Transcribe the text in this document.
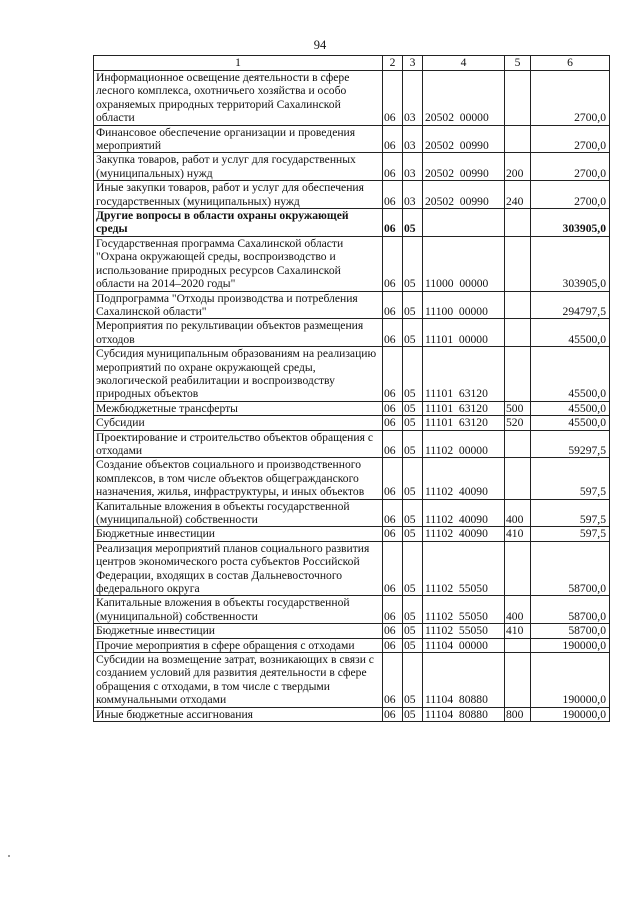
94
1	2	3	4	5	6
Информационное освещение деятельности в сфере лесного комплекса, охотничьего хозяйства и особо охраняемых природных территорий Сахалинской области	06	03	20502  00000		2700,0
Финансовое обеспечение организации и проведения мероприятий	06	03	20502  00990		2700,0
Закупка товаров, работ и услуг для государственных (муниципальных) нужд	06	03	20502  00990	200	2700,0
Иные закупки товаров, работ и услуг для обеспечения государственных (муниципальных) нужд	06	03	20502  00990	240	2700,0
Другие вопросы в области охраны окружающей среды	06	05			303905,0
Государственная программа Сахалинской области "Охрана окружающей среды, воспроизводство и использование природных ресурсов Сахалинской области на 2014–2020 годы"	06	05	11000  00000		303905,0
Подпрограмма "Отходы производства и потребления Сахалинской области"	06	05	11100  00000		294797,5
Мероприятия по рекультивации объектов размещения отходов	06	05	11101  00000		45500,0
Субсидия муниципальным образованиям на реализацию мероприятий по охране окружающей среды, экологической реабилитации и воспроизводству природных объектов	06	05	11101  63120		45500,0
Межбюджетные трансферты	06	05	11101  63120	500	45500,0
Субсидии	06	05	11101  63120	520	45500,0
Проектирование и строительство объектов обращения с отходами	06	05	11102  00000		59297,5
Создание объектов социального и производственного комплексов, в том числе объектов общегражданского назначения, жилья, инфраструктуры, и иных объектов	06	05	11102  40090		597,5
Капитальные вложения в объекты государственной (муниципальной) собственности	06	05	11102  40090	400	597,5
Бюджетные инвестиции	06	05	11102  40090	410	597,5
Реализация мероприятий планов социального развития центров экономического роста субъектов Российской Федерации, входящих в состав Дальневосточного федерального округа	06	05	11102  55050		58700,0
Капитальные вложения в объекты государственной (муниципальной) собственности	06	05	11102  55050	400	58700,0
Бюджетные инвестиции	06	05	11102  55050	410	58700,0
Прочие мероприятия в сфере обращения с отходами	06	05	11104  00000		190000,0
Субсидии на возмещение затрат, возникающих в связи с созданием условий для развития деятельности в сфере обращения с отходами, в том числе с твердыми коммунальными отходами	06	05	11104  80880		190000,0
Иные бюджетные ассигнования	06	05	11104  80880	800	190000,0
